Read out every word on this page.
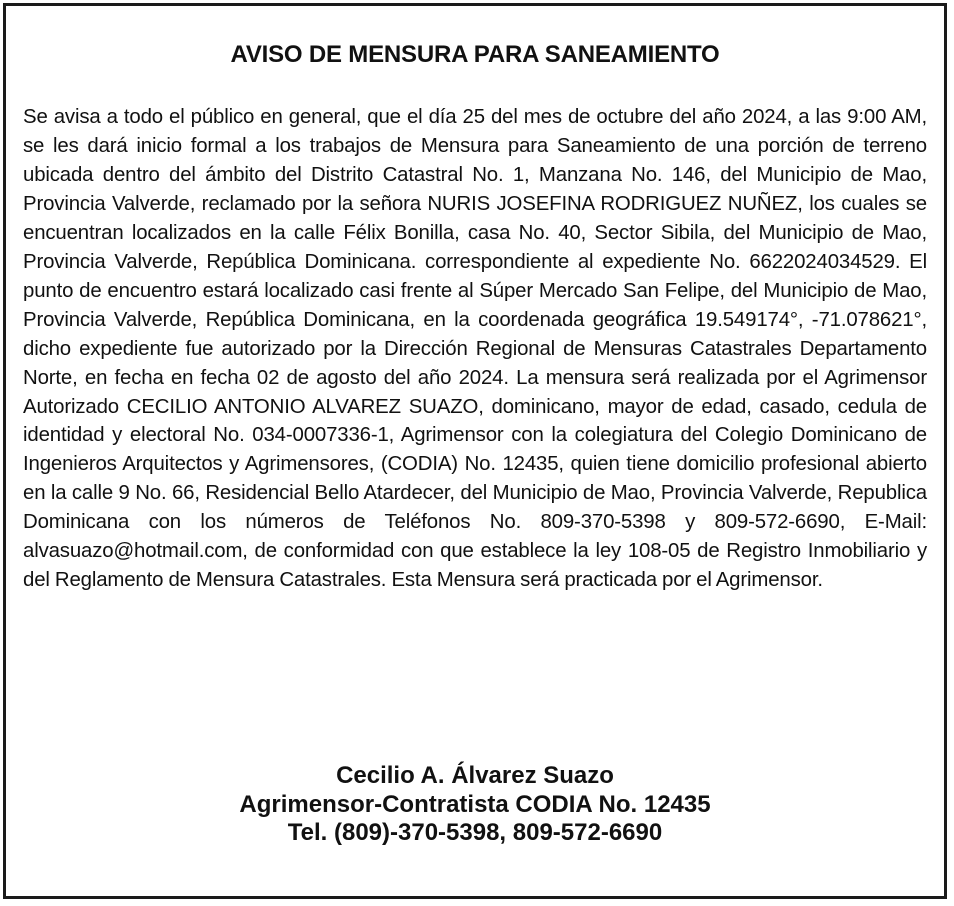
AVISO DE MENSURA PARA SANEAMIENTO

Se avisa a todo el público en general, que el día 25 del mes de octubre del año 2024, a las 9:00 AM, se les dará inicio formal a los trabajos de Mensura para Saneamiento de una porción de terreno ubicada dentro del ámbito del Distrito Catastral No. 1, Manzana No. 146, del Municipio de Mao, Provincia Valverde, reclamado por la señora NURIS JOSEFINA RODRIGUEZ NUÑEZ, los cuales se encuentran localizados en la calle Félix Bonilla, casa No. 40, Sector Sibila, del Municipio de Mao, Provincia Valverde, República Dominicana. correspondiente al expediente No. 6622024034529. El punto de encuentro estará localizado casi frente al Súper Mercado San Felipe, del Municipio de Mao, Provincia Valverde, República Dominicana, en la coordenada geográfica 19.549174°, -71.078621°, dicho expediente fue autorizado por la Dirección Regional de Mensuras Catastrales Departamento Norte, en fecha en fecha 02 de agosto del año 2024. La mensura será realizada por el Agrimensor Autorizado CECILIO ANTONIO ALVAREZ SUAZO, dominicano, mayor de edad, casado, cedula de identidad y electoral No. 034-0007336-1, Agrimensor con la colegiatura del Colegio Dominicano de Ingenieros Arquitectos y Agrimensores, (CODIA) No. 12435, quien tiene domicilio profesional abierto en la calle 9 No. 66, Residencial Bello Atardecer, del Municipio de Mao, Provincia Valverde, Republica Dominicana con los números de Teléfonos No. 809-370-5398 y 809-572-6690, E-Mail: alvasuazo@hotmail.com, de conformidad con que establece la ley 108-05 de Registro Inmobiliario y del Reglamento de Mensura Catastrales. Esta Mensura será practicada por el Agrimensor.

Cecilio A. Álvarez Suazo
Agrimensor-Contratista CODIA No. 12435
Tel. (809)-370-5398, 809-572-6690
